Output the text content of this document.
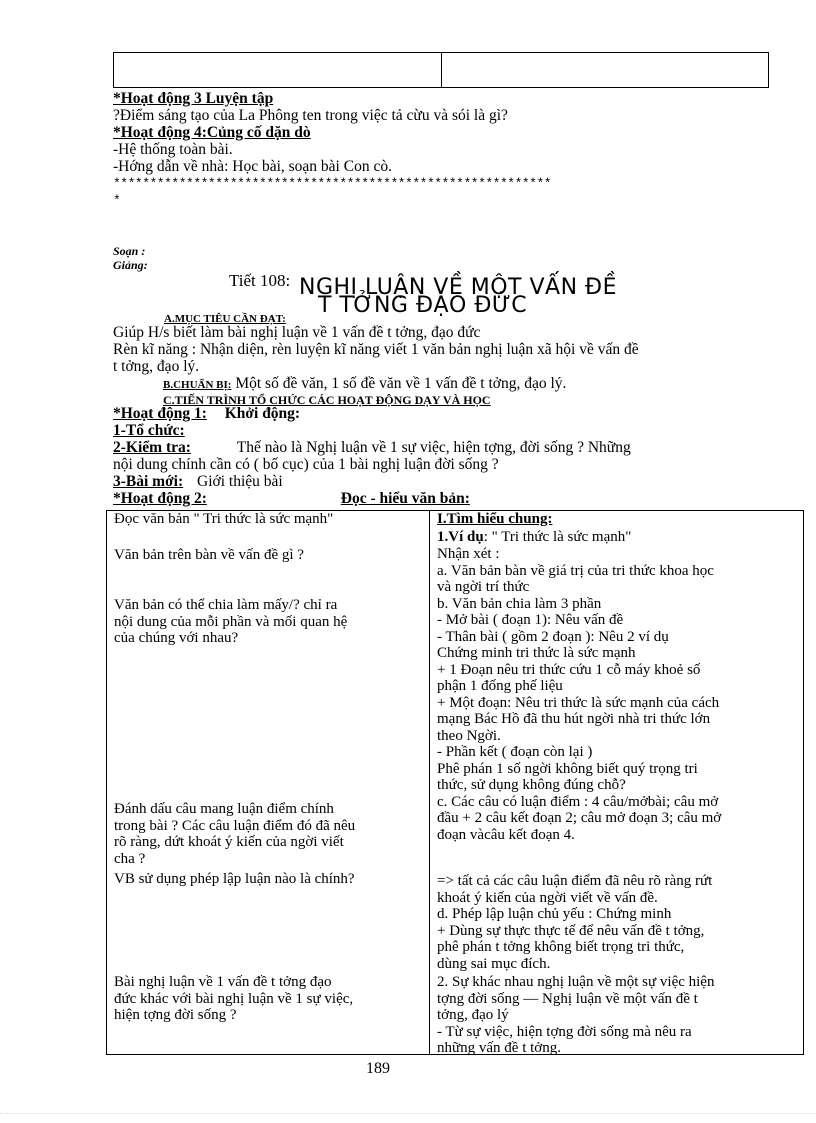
*Hoạt động 3 Luyện tập
?Điểm sáng tạo của La Phông ten trong việc tả cừu và sói là gì?
*Hoạt động 4:Củng cố dặn dò
-Hệ thống toàn bài.
-Hớng dẫn về nhà: Học bài, soạn bài Con cò.
************************************************************
*
Soạn :
Giảng:
Tiết 108: NGHỊ LUẬN VỀ MỘT VẤN ĐỀ
T TỞNG ĐẠO ĐỨC
A.MỤC TIÊU CẦN ĐẠT:
Giúp H/s biết làm bài nghị luận về 1 vấn đề t tởng, đạo đức
Rèn kĩ năng : Nhận diện, rèn luyện kĩ năng viết 1 văn bản nghị luận xã hội về vấn đề
t tởng, đạo lý.
B.CHUẨN BỊ: Một số đề văn, 1 số đề văn về 1 vấn đề t tởng, đạo lý.
C.TIẾN TRÌNH TỔ CHỨC CÁC HOẠT ĐỘNG DẠY VÀ HỌC
*Hoạt động 1: Khởi động:
1-Tổ chức:
2-Kiểm tra:	Thế nào là Nghị luận về 1 sự việc, hiện tợng, đời sống ? Những
nội dung chính cần có ( bố cục) của 1 bài nghị luận đời sống ?
3-Bài mới: Giới thiệu bài
*Hoạt động 2:	Đọc - hiểu văn bản:
Đọc văn bản " Tri thức là sức mạnh"
Văn bản trên bàn về vấn đề gì ?
Văn bản có thể chia làm mấy/? chỉ ra
nội dung của mỗi phần và mối quan hệ
của chúng với nhau?
Đánh dấu câu mang luận điểm chính
trong bài ? Các câu luận điểm đó đã nêu
rõ ràng, dứt khoát ý kiến của ngời viết
cha ?
VB sử dụng phép lập luận nào là chính?
Bài nghị luận về 1 vấn đề t tởng đạo
đức khác với bài nghị luận về 1 sự việc,
hiện tợng đời sống ?
I.Tìm hiểu chung:
1.Ví dụ: " Tri thức là sức mạnh"
Nhận xét :
a. Văn bản bàn về giá trị của tri thức khoa học
và ngời trí thức
b. Văn bản chia làm 3 phần
- Mở bài ( đoạn 1): Nêu vấn đề
- Thân bài ( gồm 2 đoạn ): Nêu 2 ví dụ
Chứng minh tri thức là sức mạnh
+ 1 Đoạn nêu tri thức cứu 1 cỗ máy khoẻ số
phận 1 đống phế liệu
+ Một đoạn: Nêu tri thức là sức mạnh của cách
mạng Bác Hồ đã thu hút ngời nhà tri thức lớn
theo Ngời.
- Phần kết ( đoạn còn lại )
Phê phán 1 số ngời không biết quý trọng tri
thức, sử dụng không đúng chỗ?
c. Các câu có luận điểm : 4 câu/mởbài; câu mở
đầu + 2 câu kết đoạn 2; câu mở đoạn 3; câu mở
đoạn vàcâu kết đoạn 4.
=> tất cả các câu luận điểm đã nêu rõ ràng rứt
khoát ý kiến của ngời viết về vấn đề.
d. Phép lập luận chủ yếu : Chứng minh
+ Dùng sự thực thực tế để nêu vấn đề t tởng,
phê phán t tởng không biết trọng tri thức,
dùng sai mục đích.
2. Sự khác nhau nghị luận về một sự việc hiện
tợng đời sống — Nghị luận về một vấn đề t
tởng, đạo lý
- Từ sự việc, hiện tợng đời sống mà nêu ra
những vấn đề t tởng.
189
